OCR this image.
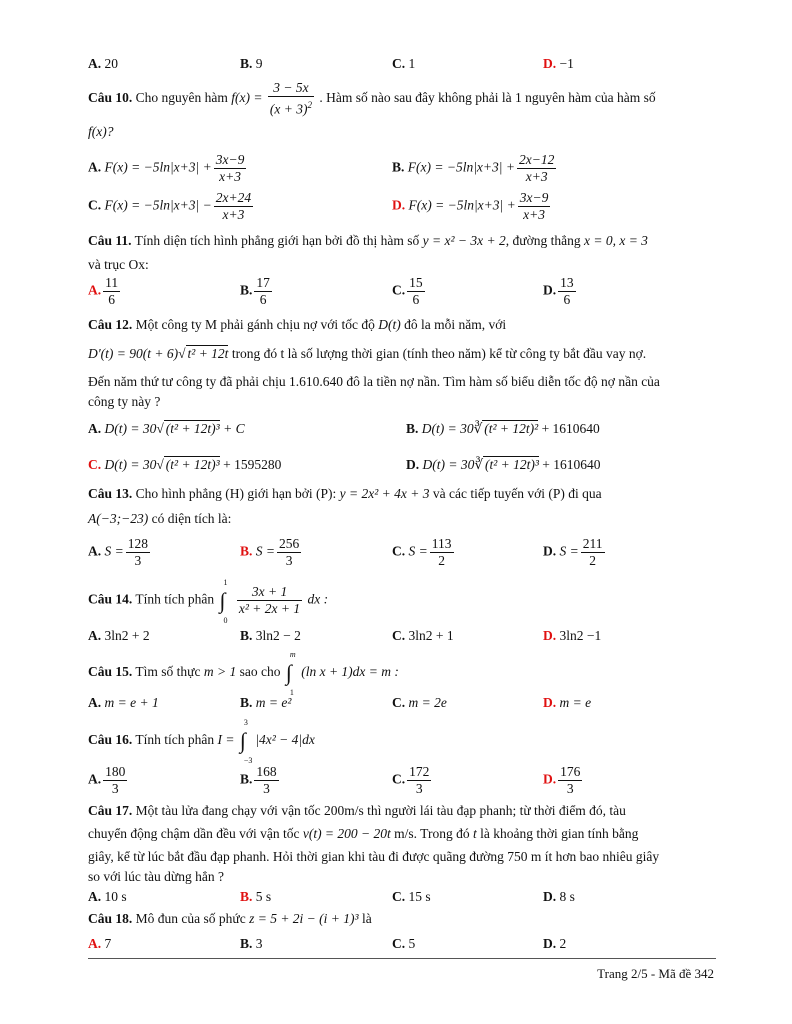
A. 20	B. 9	C. 1	D. −1
Câu 10. Cho nguyên hàm $f(x) = \frac{3 - 5x}{(x + 3)^2}$ . Hàm số nào sau đây không phải là 1 nguyên hàm của hàm số
f(x)?
A. $F(x) = -5\ln|x+3| + \frac{3x-9}{x+3}$	B. $F(x) = -5\ln|x+3| + \frac{2x-12}{x+3}$
C. $F(x) = -5\ln|x+3| - \frac{2x+24}{x+3}$	D. $F(x) = -5\ln|x+3| + \frac{3x-9}{x+3}$
Câu 11. Tính diện tích hình phẳng giới hạn bởi đồ thị hàm số y = x² − 3x + 2, đường thẳng x = 0, x = 3
và trục Ox:
A. $\frac{11}{6}$	B. $\frac{17}{6}$	C. $\frac{15}{6}$	D. $\frac{13}{6}$
Câu 12. Một công ty M phải gánh chịu nợ với tốc độ D(t) đô la mỗi năm, với
D'(t) = 90(t + 6)√ t² + 12t trong đó t là số lượng thời gian (tính theo năm) kể từ công ty bắt đầu vay nợ.
Đến năm thứ tư công ty đã phải chịu 1.610.640 đô la tiền nợ nần. Tìm hàm số biểu diễn tốc độ nợ nần của
công ty này ?
A. D(t) = 30√ (t² + 12t)³ + C	B. D(t) = 30∛ (t² + 12t)² + 1610640
C. D(t) = 30√ (t² + 12t)³ + 1595280	D. D(t) = 30∛ (t² + 12t)³ + 1610640
Câu 13. Cho hình phẳng (H) giới hạn bởi (P): y = 2x² + 4x + 3 và các tiếp tuyến với (P) đi qua
A(−3;−23) có diện tích là:
A. $S = \frac{128}{3}$	B. $S = \frac{256}{3}$	C. $S = \frac{113}{2}$	D. $S = \frac{211}{2}$
Câu 14. Tính tích phân
1
∫
0

$\frac{3x + 1}{\text{x² + 2x + 1}}$ dx :
A. 3ln2 + 2	B. 3ln2 − 2	C. 3ln2 + 1	D. 3ln2 −1
Câu 15. Tìm số thực m > 1 sao cho
m
∫
1
(ln x + 1)dx = m :
A. m = e + 1	B. m = e²	C. m = 2e	D. m = e
Câu 16. Tính tích phân I =
3
∫
−3
|4x² − 4|dx
A. $\frac{180}{3}$	B. $\frac{168}{3}$	C. $\frac{172}{3}$	D. $\frac{176}{3}$
Câu 17. Một tàu lửa đang chạy với vận tốc 200m/s thì người lái tàu đạp phanh; từ thời điểm đó, tàu
chuyển động chậm dần đều với vận tốc v(t) = 200 − 20t m/s. Trong đó t là khoảng thời gian tính bằng
giây, kể từ lúc bắt đầu đạp phanh. Hỏi thời gian khi tàu đi được quãng đường 750 m ít hơn bao nhiêu giây
so với lúc tàu dừng hẳn ?
A. 10 s	B. 5 s	C. 15 s	D. 8 s
Câu 18. Mô đun của số phức z = 5 + 2i − (i + 1)³ là
A. 7	B. 3	C. 5	D. 2
Trang 2/5 - Mã đề 342
